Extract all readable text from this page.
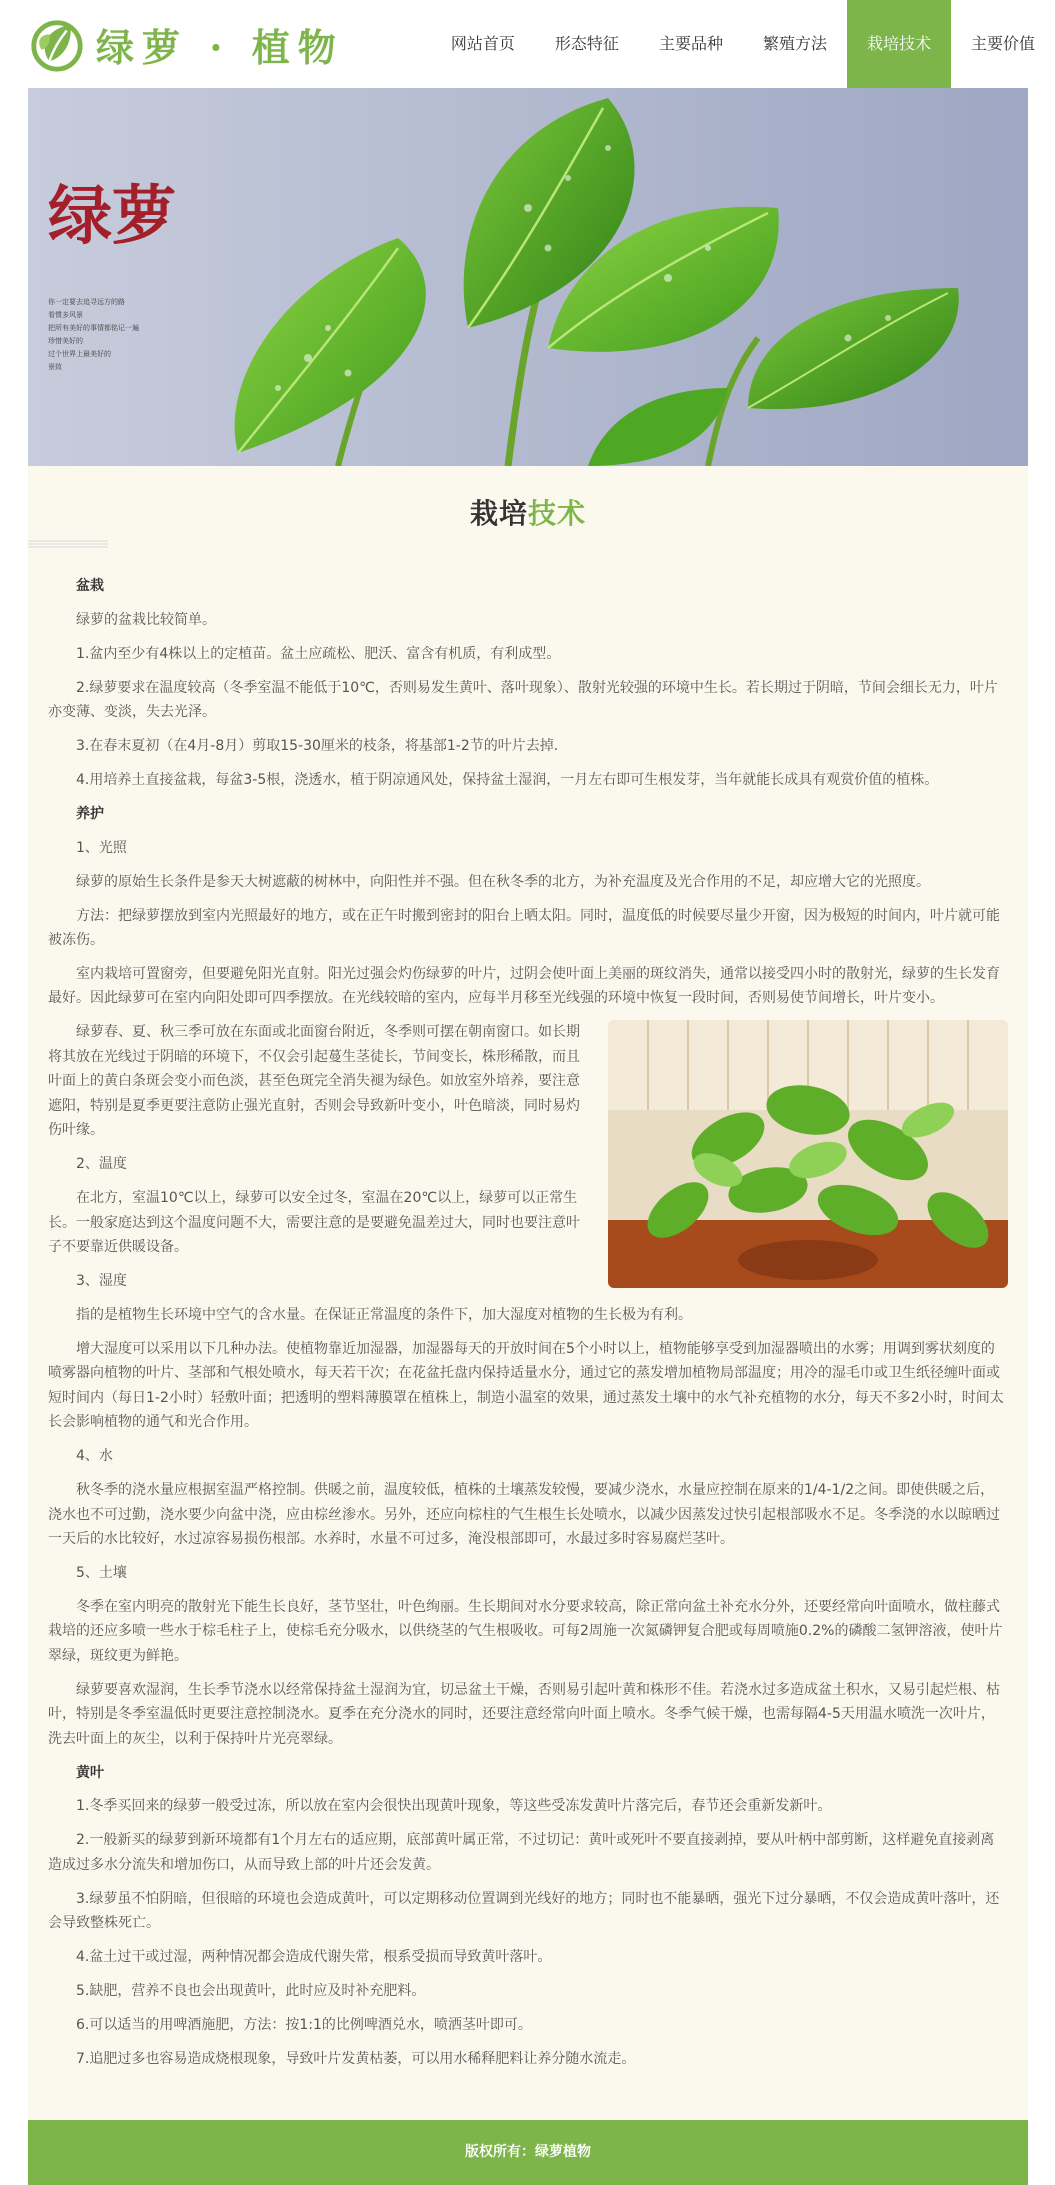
绿萝 · 植物	网站首页	形态特征	主要品种	繁殖方法	栽培技术	主要价值
绿萝
你一定要去追寻远方的路
看惯多风景
把所有美好的事情都铭记一遍
珍惜美好的
过个世界上最美好的
景致
栽培技术

盆栽

绿萝的盆栽比较简单。

1.盆内至少有4株以上的定植苗。盆土应疏松、肥沃、富含有机质，有利成型。

2.绿萝要求在温度较高（冬季室温不能低于10℃，否则易发生黄叶、落叶现象）、散射光较强的环境中生长。若长期过于阴暗，节间会细长无力，叶片亦变薄、变淡，失去光泽。

3.在春末夏初（在4月-8月）剪取15-30厘米的枝条，将基部1-2节的叶片去掉.

4.用培养土直接盆栽，每盆3-5根，浇透水，植于阴凉通风处，保持盆土湿润，一月左右即可生根发芽，当年就能长成具有观赏价值的植株。

养护

1、光照

绿萝的原始生长条件是参天大树遮蔽的树林中，向阳性并不强。但在秋冬季的北方，为补充温度及光合作用的不足，却应增大它的光照度。

方法：把绿萝摆放到室内光照最好的地方，或在正午时搬到密封的阳台上晒太阳。同时，温度低的时候要尽量少开窗，因为极短的时间内，叶片就可能被冻伤。

室内栽培可置窗旁，但要避免阳光直射。阳光过强会灼伤绿萝的叶片，过阴会使叶面上美丽的斑纹消失，通常以接受四小时的散射光，绿萝的生长发育最好。因此绿萝可在室内向阳处即可四季摆放。在光线较暗的室内，应每半月移至光线强的环境中恢复一段时间，否则易使节间增长，叶片变小。

绿萝春、夏、秋三季可放在东面或北面窗台附近，冬季则可摆在朝南窗口。如长期将其放在光线过于阴暗的环境下，不仅会引起蔓生茎徒长，节间变长，株形稀散，而且叶面上的黄白条斑会变小而色淡，甚至色斑完全消失褪为绿色。如放室外培养，要注意遮阳，特别是夏季更要注意防止强光直射，否则会导致新叶变小，叶色暗淡，同时易灼伤叶缘。

2、温度

在北方，室温10℃以上，绿萝可以安全过冬，室温在20℃以上，绿萝可以正常生长。一般家庭达到这个温度问题不大，需要注意的是要避免温差过大，同时也要注意叶子不要靠近供暖设备。

3、湿度

指的是植物生长环境中空气的含水量。在保证正常温度的条件下，加大湿度对植物的生长极为有利。

增大湿度可以采用以下几种办法。使植物靠近加湿器，加湿器每天的开放时间在5个小时以上，植物能够享受到加湿器喷出的水雾；用调到雾状刻度的喷雾器向植物的叶片、茎部和气根处喷水，每天若干次；在花盆托盘内保持适量水分，通过它的蒸发增加植物局部温度；用冷的湿毛巾或卫生纸径缠叶面或短时间内（每日1-2小时）轻敷叶面；把透明的塑料薄膜罩在植株上，制造小温室的效果，通过蒸发土壤中的水气补充植物的水分，每天不多2小时，时间太长会影响植物的通气和光合作用。

4、水

秋冬季的浇水量应根据室温严格控制。供暖之前，温度较低，植株的土壤蒸发较慢，要减少浇水，水量应控制在原来的1/4-1/2之间。即使供暖之后，浇水也不可过勤，浇水要少向盆中浇，应由棕丝渗水。另外，还应向棕柱的气生根生长处喷水，以减少因蒸发过快引起根部吸水不足。冬季浇的水以晾晒过一天后的水比较好，水过凉容易损伤根部。水养时，水量不可过多，淹没根部即可，水最过多时容易腐烂茎叶。

5、土壤

冬季在室内明亮的散射光下能生长良好，茎节坚壮，叶色绚丽。生长期间对水分要求较高，除正常向盆土补充水分外，还要经常向叶面喷水，做柱藤式栽培的还应多喷一些水于棕毛柱子上，使棕毛充分吸水，以供绕茎的气生根吸收。可每2周施一次氮磷钾复合肥或每周喷施0.2%的磷酸二氢钾溶液，使叶片翠绿，斑纹更为鲜艳。

绿萝要喜欢湿润，生长季节浇水以经常保持盆土湿润为宜，切忌盆土干燥，否则易引起叶黄和株形不佳。若浇水过多造成盆土积水，又易引起烂根、枯叶，特别是冬季室温低时更要注意控制浇水。夏季在充分浇水的同时，还要注意经常向叶面上喷水。冬季气候干燥，也需每隔4-5天用温水喷洗一次叶片，洗去叶面上的灰尘，以利于保持叶片光亮翠绿。

黄叶

1.冬季买回来的绿萝一般受过冻，所以放在室内会很快出现黄叶现象，等这些受冻发黄叶片落完后，春节还会重新发新叶。

2.一般新买的绿萝到新环境都有1个月左右的适应期，底部黄叶属正常，不过切记：黄叶或死叶不要直接剥掉，要从叶柄中部剪断，这样避免直接剥离造成过多水分流失和增加伤口，从而导致上部的叶片还会发黄。

3.绿萝虽不怕阴暗，但很暗的环境也会造成黄叶，可以定期移动位置调到光线好的地方；同时也不能暴晒，强光下过分暴晒，不仅会造成黄叶落叶，还会导致整株死亡。

4.盆土过干或过湿，两种情况都会造成代谢失常，根系受损而导致黄叶落叶。

5.缺肥，营养不良也会出现黄叶，此时应及时补充肥料。

6.可以适当的用啤酒施肥，方法：按1:1的比例啤酒兑水，喷洒茎叶即可。

7.追肥过多也容易造成烧根现象，导致叶片发黄枯萎，可以用水稀释肥料让养分随水流走。

版权所有：绿萝植物
